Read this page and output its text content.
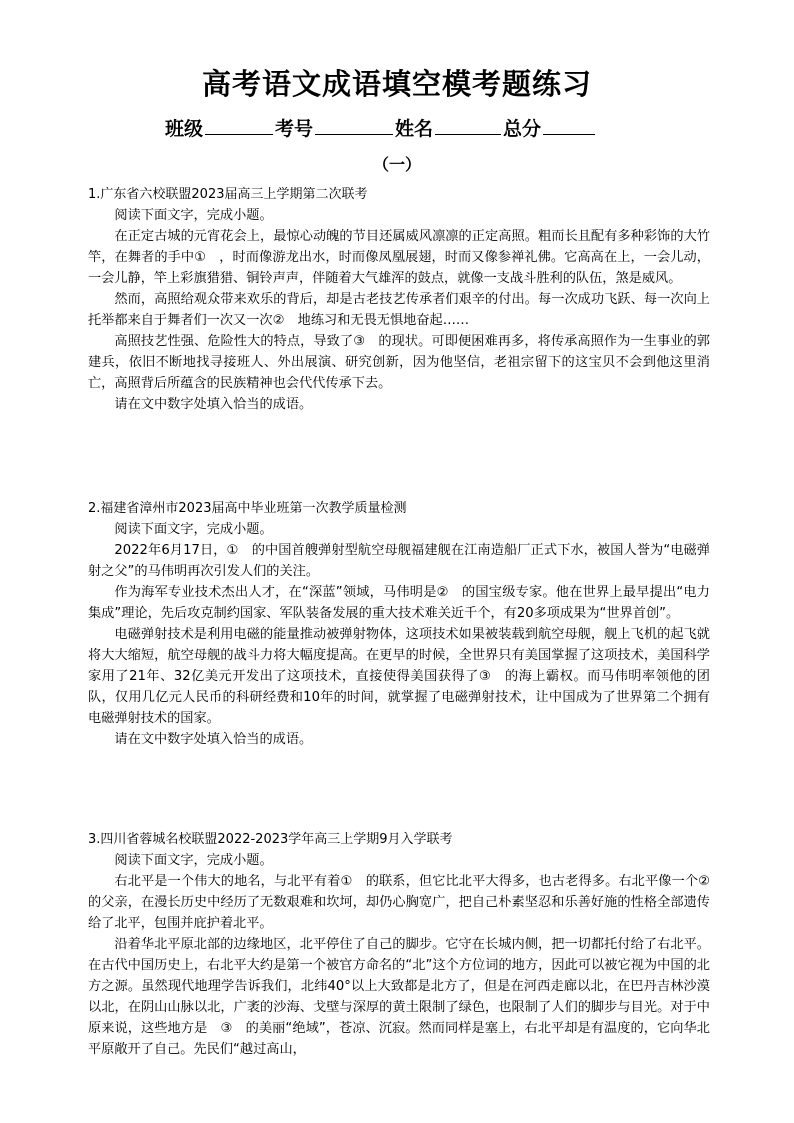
高考语文成语填空模考题练习
班级	考号	姓名	总分
（一）
1.广东省六校联盟2023届高三上学期第二次联考

阅读下面文字，完成小题。

在正定古城的元宵花会上，最惊心动魄的节目还属威风凛凛的正定高照。粗而长且配有多种彩饰的大竹竿，在舞者的手中①　，时而像游龙出水，时而像凤凰展翅，时而又像参禅礼佛。它高高在上，一会儿动，一会儿静，竿上彩旗猎猎、铜铃声声，伴随着大气雄浑的鼓点，就像一支战斗胜利的队伍，煞是威风。

然而，高照给观众带来欢乐的背后，却是古老技艺传承者们艰辛的付出。每一次成功飞跃、每一次向上托举都来自于舞者们一次又一次②　地练习和无畏无惧地奋起……

高照技艺性强、危险性大的特点，导致了③　的现状。可即便困难再多，将传承高照作为一生事业的郭建兵，依旧不断地找寻接班人、外出展演、研究创新，因为他坚信，老祖宗留下的这宝贝不会到他这里消亡，高照背后所蕴含的民族精神也会代代传承下去。

请在文中数字处填入恰当的成语。

2.福建省漳州市2023届高中毕业班第一次教学质量检测

阅读下面文字，完成小题。

2022年6月17日，①　的中国首艘弹射型航空母舰福建舰在江南造船厂正式下水，被国人誉为“电磁弹射之父”的马伟明再次引发人们的关注。

作为海军专业技术杰出人才，在“深蓝”领域，马伟明是②　的国宝级专家。他在世界上最早提出“电力集成”理论，先后攻克制约国家、军队装备发展的重大技术难关近千个，有20多项成果为“世界首创”。

电磁弹射技术是利用电磁的能量推动被弹射物体，这项技术如果被装载到航空母舰，舰上飞机的起飞就将大大缩短，航空母舰的战斗力将大幅度提高。在更早的时候，全世界只有美国掌握了这项技术，美国科学家用了21年、32亿美元开发出了这项技术，直接使得美国获得了③　的海上霸权。而马伟明率领他的团队，仅用几亿元人民币的科研经费和10年的时间，就掌握了电磁弹射技术，让中国成为了世界第二个拥有电磁弹射技术的国家。

请在文中数字处填入恰当的成语。

3.四川省蓉城名校联盟2022-2023学年高三上学期9月入学联考

阅读下面文字，完成小题。

右北平是一个伟大的地名，与北平有着①　的联系，但它比北平大得多，也古老得多。右北平像一个②　的父亲，在漫长历史中经历了无数艰难和坎坷，却仍心胸宽广，把自己朴素坚忍和乐善好施的性格全部遗传给了北平，包围并庇护着北平。

沿着华北平原北部的边缘地区，北平停住了自己的脚步。它守在长城内侧，把一切都托付给了右北平。在古代中国历史上，右北平大约是第一个被官方命名的“北”这个方位词的地方，因此可以被它视为中国的北方之源。虽然现代地理学告诉我们，北纬40°以上大致都是北方了，但是在河西走廊以北，在巴丹吉林沙漠以北，在阴山山脉以北，广袤的沙海、戈壁与深厚的黄土限制了绿色，也限制了人们的脚步与目光。对于中原来说，这些地方是　③　的美丽“绝域”，苍凉、沉寂。然而同样是塞上，右北平却是有温度的，它向华北平原敞开了自己。先民们“越过高山，
